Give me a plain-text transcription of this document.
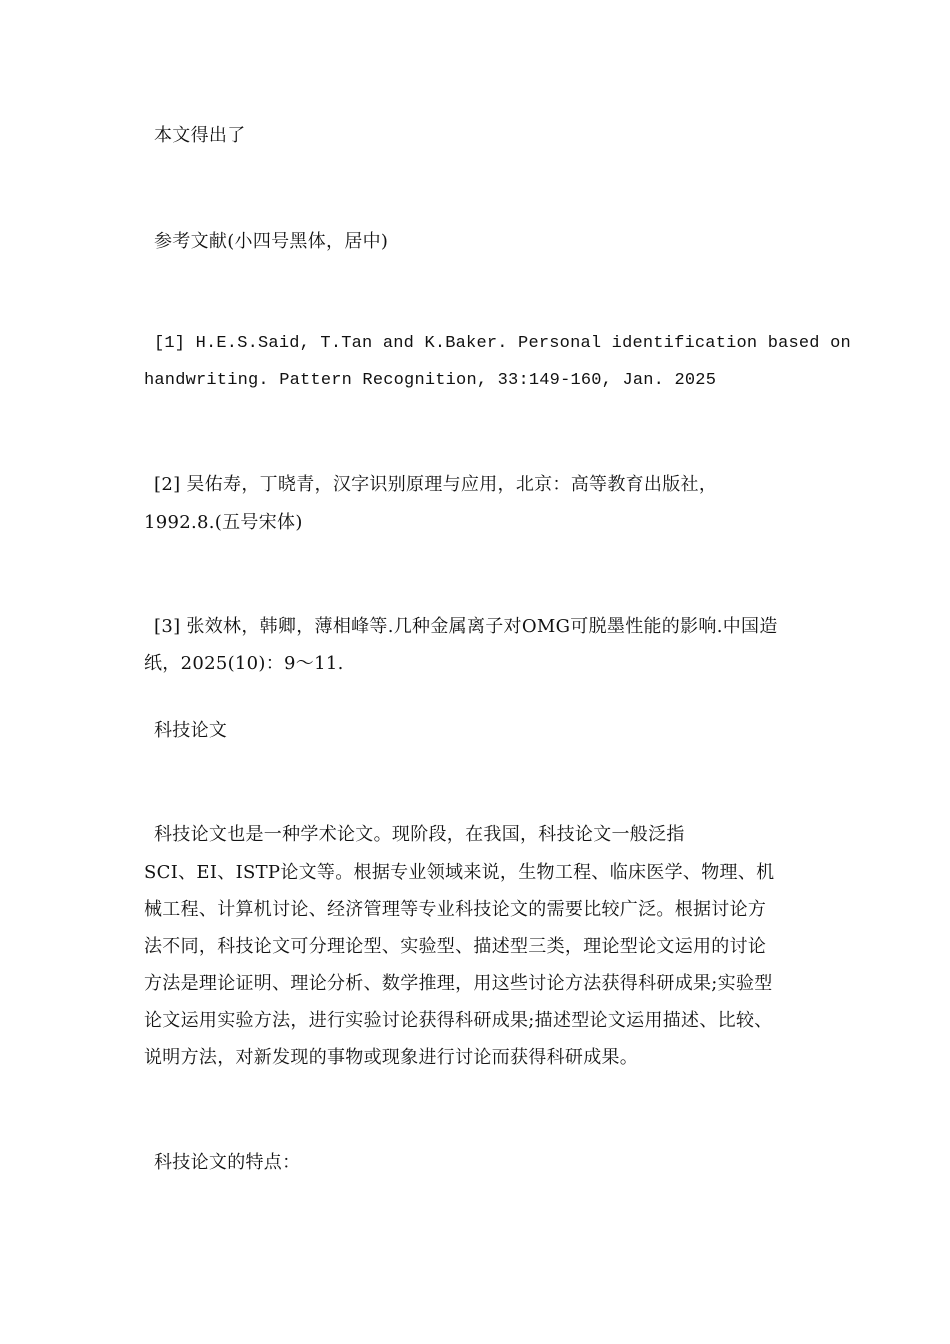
本文得出了
参考文献(小四号黑体，居中)
[1] H.E.S.Said, T.Tan and K.Baker. Personal identification based on
handwriting. Pattern Recognition, 33:149-160, Jan. 2025
[2] 吴佑寿，丁晓青，汉字识别原理与应用，北京：高等教育出版社，
1992.8.(五号宋体)
[3] 张效林，韩卿，薄相峰等.几种金属离子对OMG可脱墨性能的影响.中国造
纸，2025(10)：9～11.
科技论文
科技论文也是一种学术论文。现阶段，在我国，科技论文一般泛指
SCI、EI、ISTP论文等。根据专业领域来说，生物工程、临床医学、物理、机
械工程、计算机讨论、经济管理等专业科技论文的需要比较广泛。根据讨论方
法不同，科技论文可分理论型、实验型、描述型三类，理论型论文运用的讨论
方法是理论证明、理论分析、数学推理，用这些讨论方法获得科研成果;实验型
论文运用实验方法，进行实验讨论获得科研成果;描述型论文运用描述、比较、
说明方法，对新发现的事物或现象进行讨论而获得科研成果。
科技论文的特点：
